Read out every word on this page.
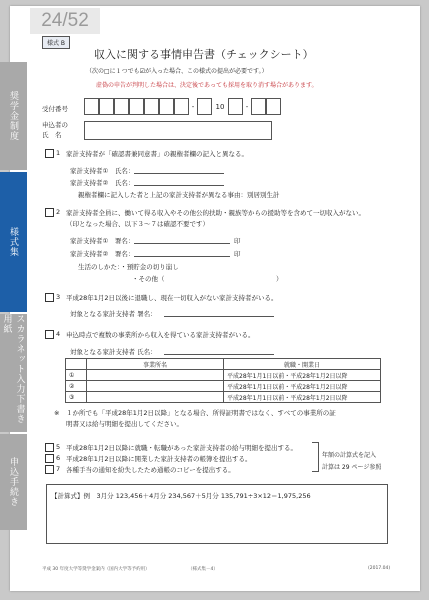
24/52
奨学金制度
様式集
スカラネット入力下書き用紙
申込手続き
様式 B
収入に関する事情申告書（チェックシート）
（次の□に１つでも☑が入った場合、この様式の提出が必要です。）
虚偽の申告が判明した場合は、決定後であっても採用を取り消す場合があります。
受付番号	-	10	-
申込者の
氏　名
1 家計支持者が「確認書兼同意書」の親権者欄の記入と異なる。
家計支持者①　氏名：
家計支持者②　氏名：
親権者欄に記入した者と上記の家計支持者が異なる事由：別居別生計
2 家計支持者全員に、働いて得る収入やその他公的扶助・親族等からの援助等を含めて一切収入がない。
（印となった場合、以下３～７は確認不要です）
家計支持者①　署名：	印
家計支持者②　署名：	印
生活のしかた：・預貯金の切り崩し
・その他（	）
3 平成28年1月2日以後に退職し、現在一切収入がない家計支持者がいる。
対象となる家計支持者 署名：
4 申込時点で複数の事業所から収入を得ている家計支持者がいる。
対象となる家計支持者 氏名：
	事業所名	就職・開業日
①		平成28年1月1日以前・平成28年1月2日以降
②		平成28年1月1日以前・平成28年1月2日以降
③		平成28年1月1日以前・平成28年1月2日以降
※　１か所でも「平成28年1月2日以降」となる場合、所得証明書ではなく、すべての事業所の証
明書又は給与明細を提出してください。
5 平成28年1月2日以降に就職・転職があった家計支持者の給与明細を提出する。
6 平成28年1月2日以降に開業した家計支持者の帳簿を提出する。
7 各種手当の通知を紛失したため通帳のコピーを提出する。
年額の計算式を記入
計算は 29 ページ参照
【計算式】例　3月分 123,456＋4月分 234,567＋5月分 135,791÷3×12＝1,975,256
平成 30 年度大学等奨学金案内（国内大学等予約用）	（様式集－4）	(2017.04)
